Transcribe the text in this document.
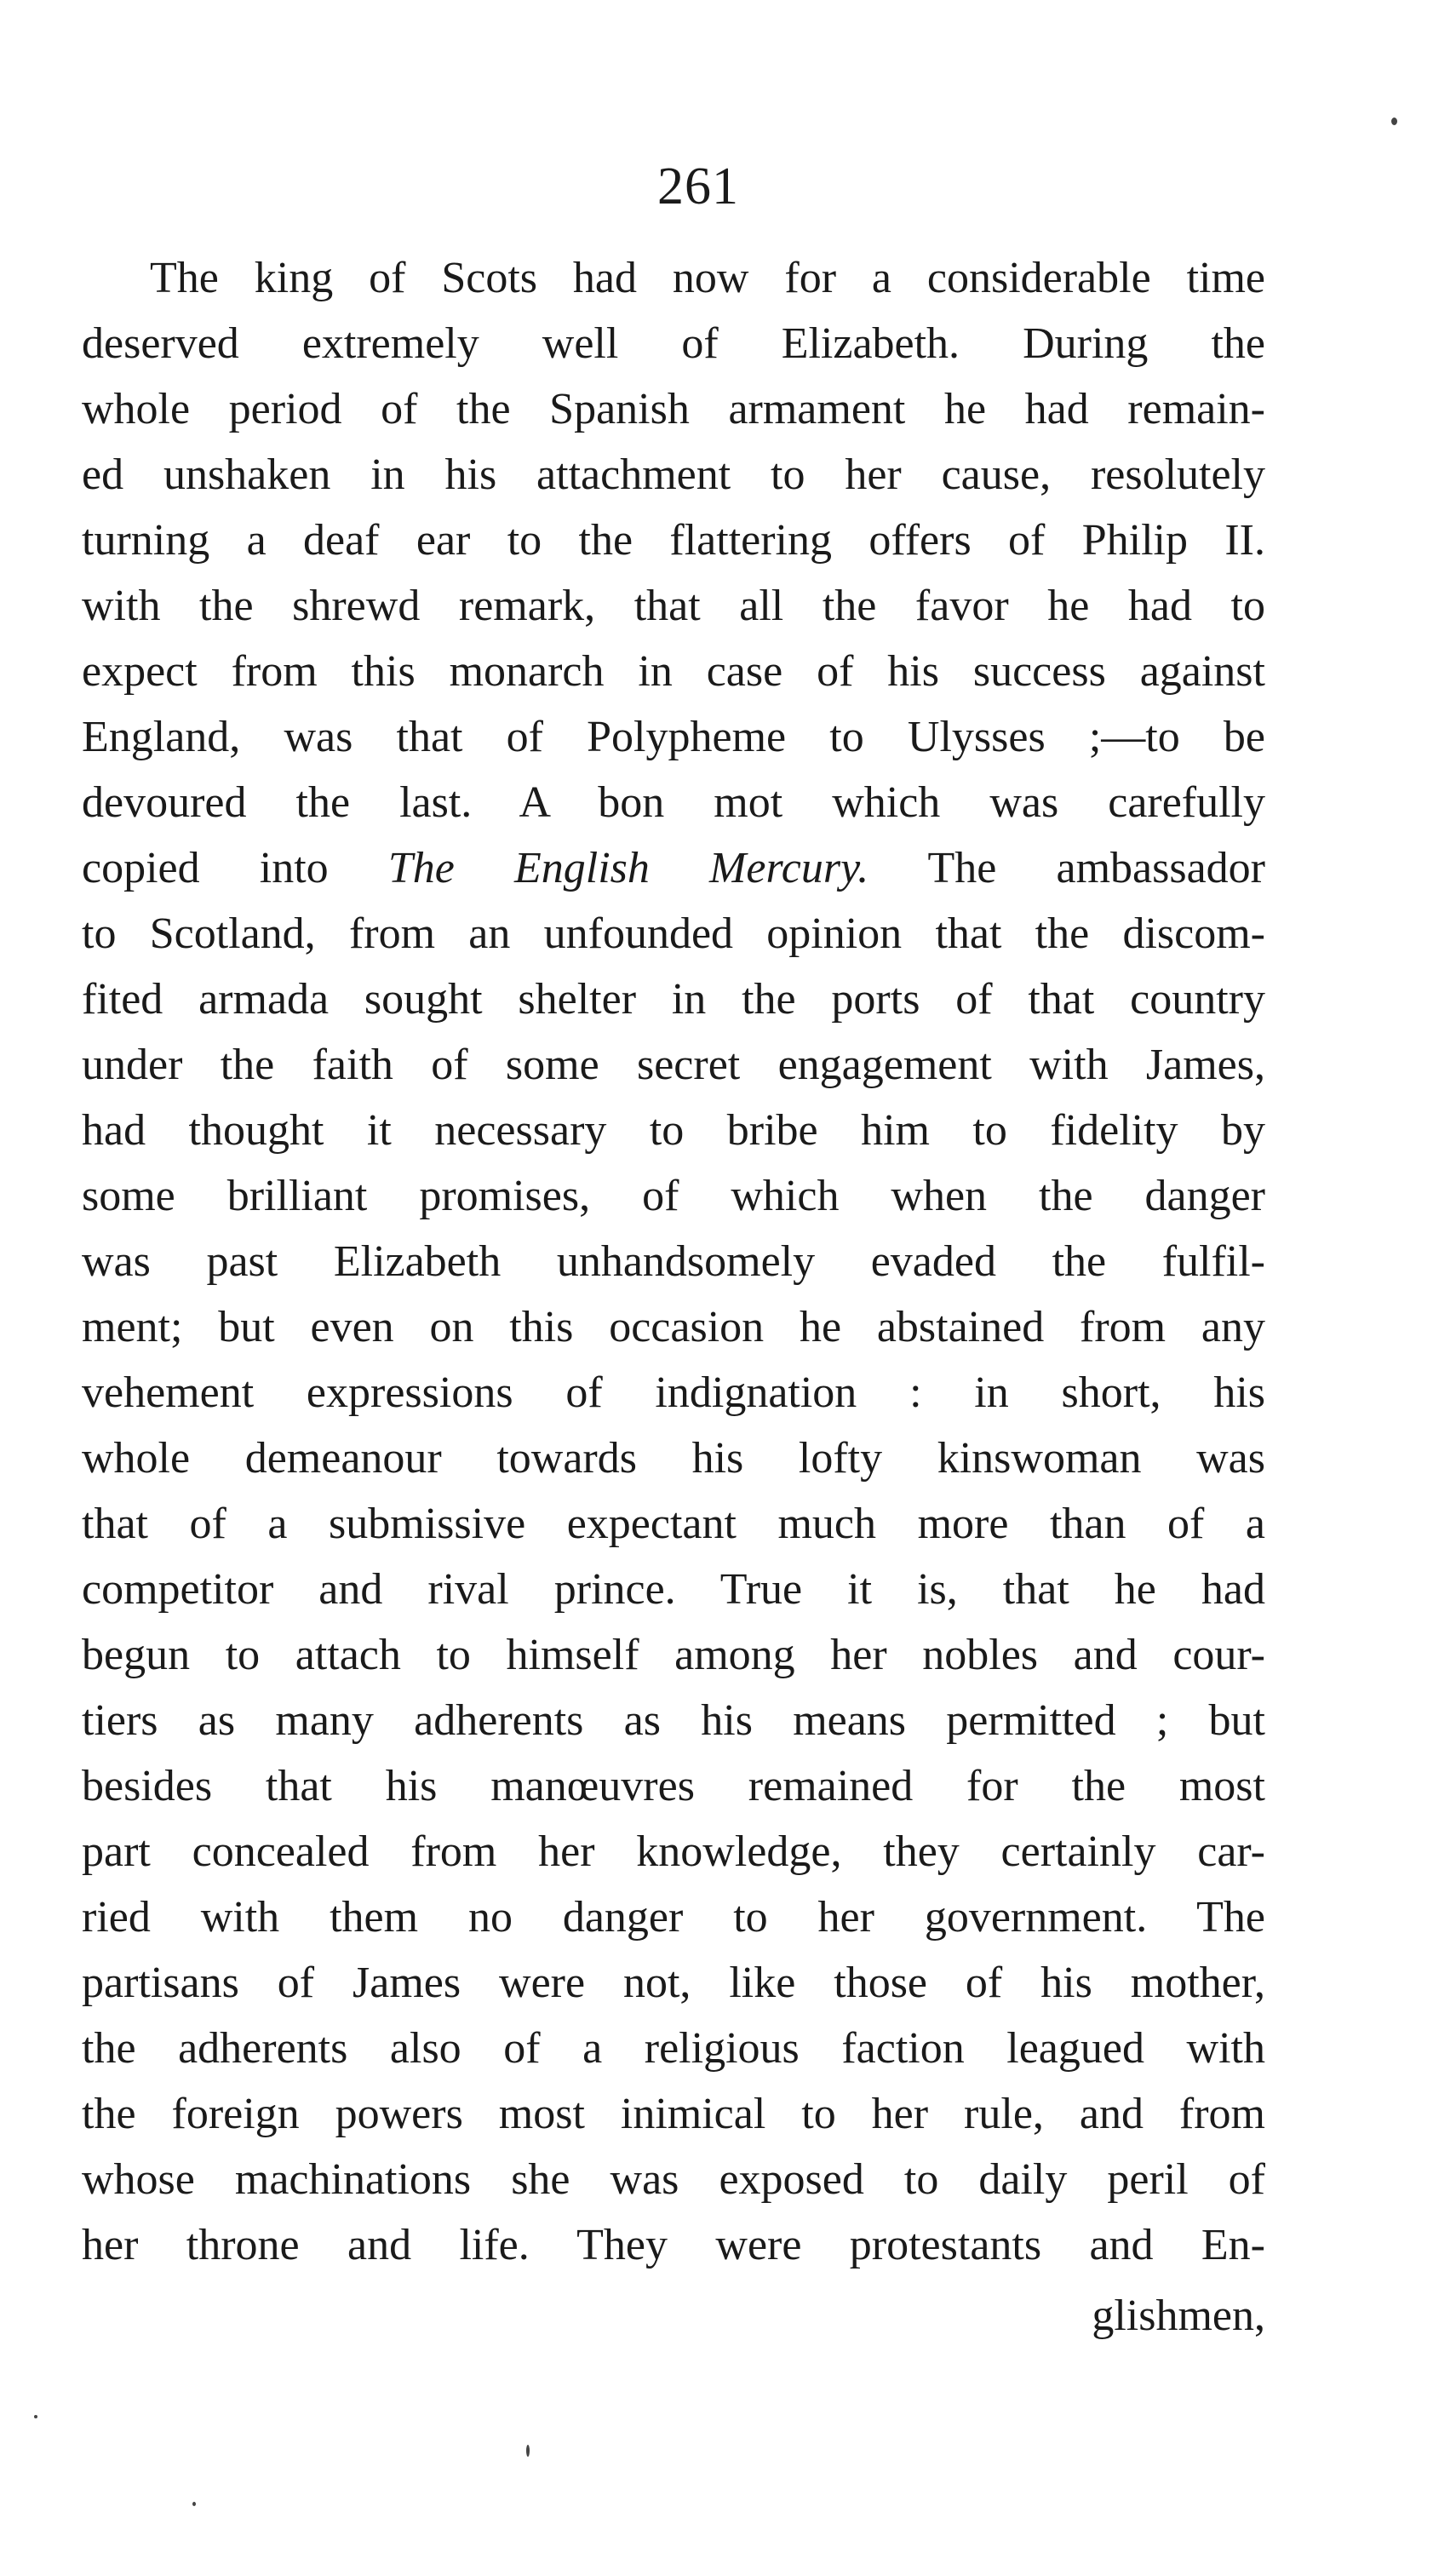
261
The king of Scots had now for a considerable time
deserved extremely well of Elizabeth. During the
whole period of the Spanish armament he had remain-
ed unshaken in his attachment to her cause, resolutely
turning a deaf ear to the flattering offers of Philip II.
with the shrewd remark, that all the favor he had to
expect from this monarch in case of his success against
England, was that of Polypheme to Ulysses ;—to be
devoured the last. A bon mot which was carefully
copied into The English Mercury. The ambassador
to Scotland, from an unfounded opinion that the discom-
fited armada sought shelter in the ports of that country
under the faith of some secret engagement with James,
had thought it necessary to bribe him to fidelity by
some brilliant promises, of which when the danger
was past Elizabeth unhandsomely evaded the fulfil-
ment; but even on this occasion he abstained from any
vehement expressions of indignation : in short, his
whole demeanour towards his lofty kinswoman was
that of a submissive expectant much more than of a
competitor and rival prince. True it is, that he had
begun to attach to himself among her nobles and cour-
tiers as many adherents as his means permitted ; but
besides that his manœuvres remained for the most
part concealed from her knowledge, they certainly car-
ried with them no danger to her government. The
partisans of James were not, like those of his mother,
the adherents also of a religious faction leagued with
the foreign powers most inimical to her rule, and from
whose machinations she was exposed to daily peril of
her throne and life. They were protestants and En-
glishmen,
